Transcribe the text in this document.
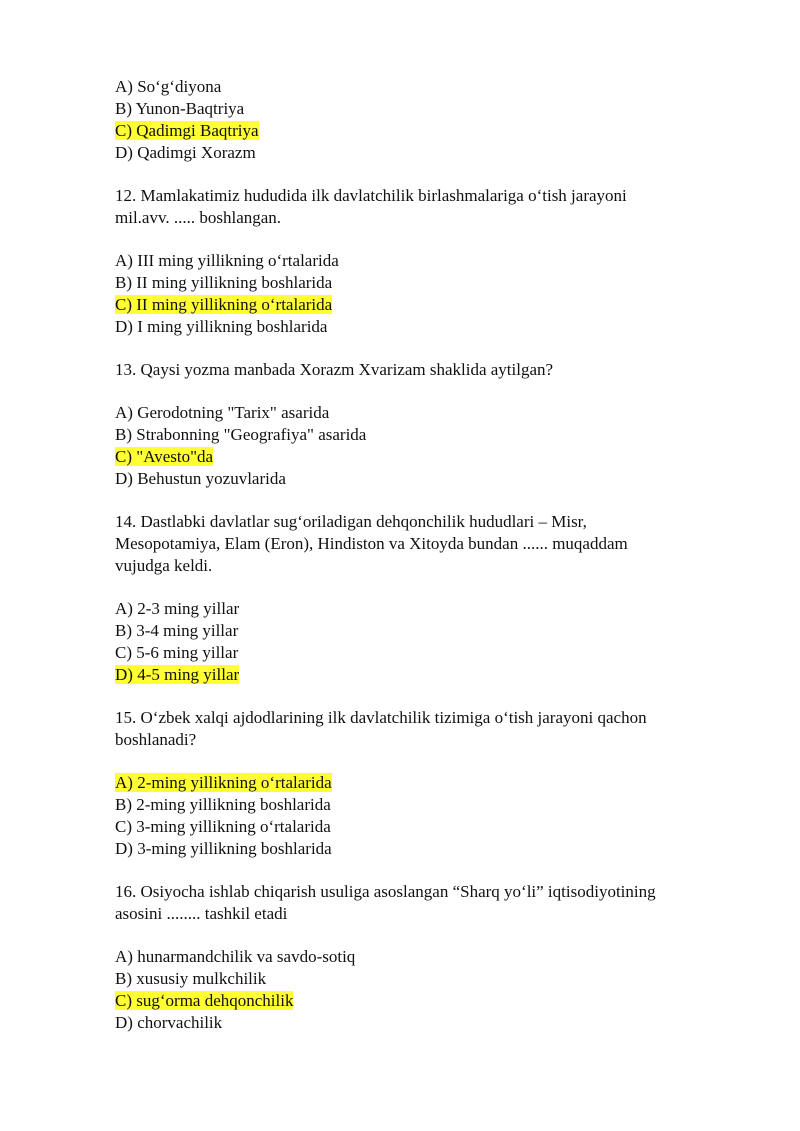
A) So‘g‘diyona
B) Yunon-Baqtriya
C) Qadimgi Baqtriya
D) Qadimgi Xorazm
12. Mamlakatimiz hududida ilk davlatchilik birlashmalariga o‘tish jarayoni
mil.avv. ..... boshlangan.
A) III ming yillikning o‘rtalarida
B) II ming yillikning boshlarida
C) II ming yillikning o‘rtalarida
D) I ming yillikning boshlarida
13. Qaysi yozma manbada Xorazm Xvarizam shaklida aytilgan?
A) Gerodotning "Tarix" asarida
B) Strabonning "Geografiya" asarida
C) "Avesto"da
D) Behustun yozuvlarida
14. Dastlabki davlatlar sug‘oriladigan dehqonchilik hududlari – Misr,
Mesopotamiya, Elam (Eron), Hindiston va Xitoyda bundan ...... muqaddam
vujudga keldi.
A) 2-3 ming yillar
B) 3-4 ming yillar
C) 5-6 ming yillar
D) 4-5 ming yillar
15. O‘zbek xalqi ajdodlarining ilk davlatchilik tizimiga o‘tish jarayoni qachon
boshlanadi?
A) 2-ming yillikning o‘rtalarida
B) 2-ming yillikning boshlarida
C) 3-ming yillikning o‘rtalarida
D) 3-ming yillikning boshlarida
16. Osiyocha ishlab chiqarish usuliga asoslangan “Sharq yo‘li” iqtisodiyotining
asosini ........ tashkil etadi
A) hunarmandchilik va savdo-sotiq
B) xususiy mulkchilik
C) sug‘orma dehqonchilik
D) chorvachilik
